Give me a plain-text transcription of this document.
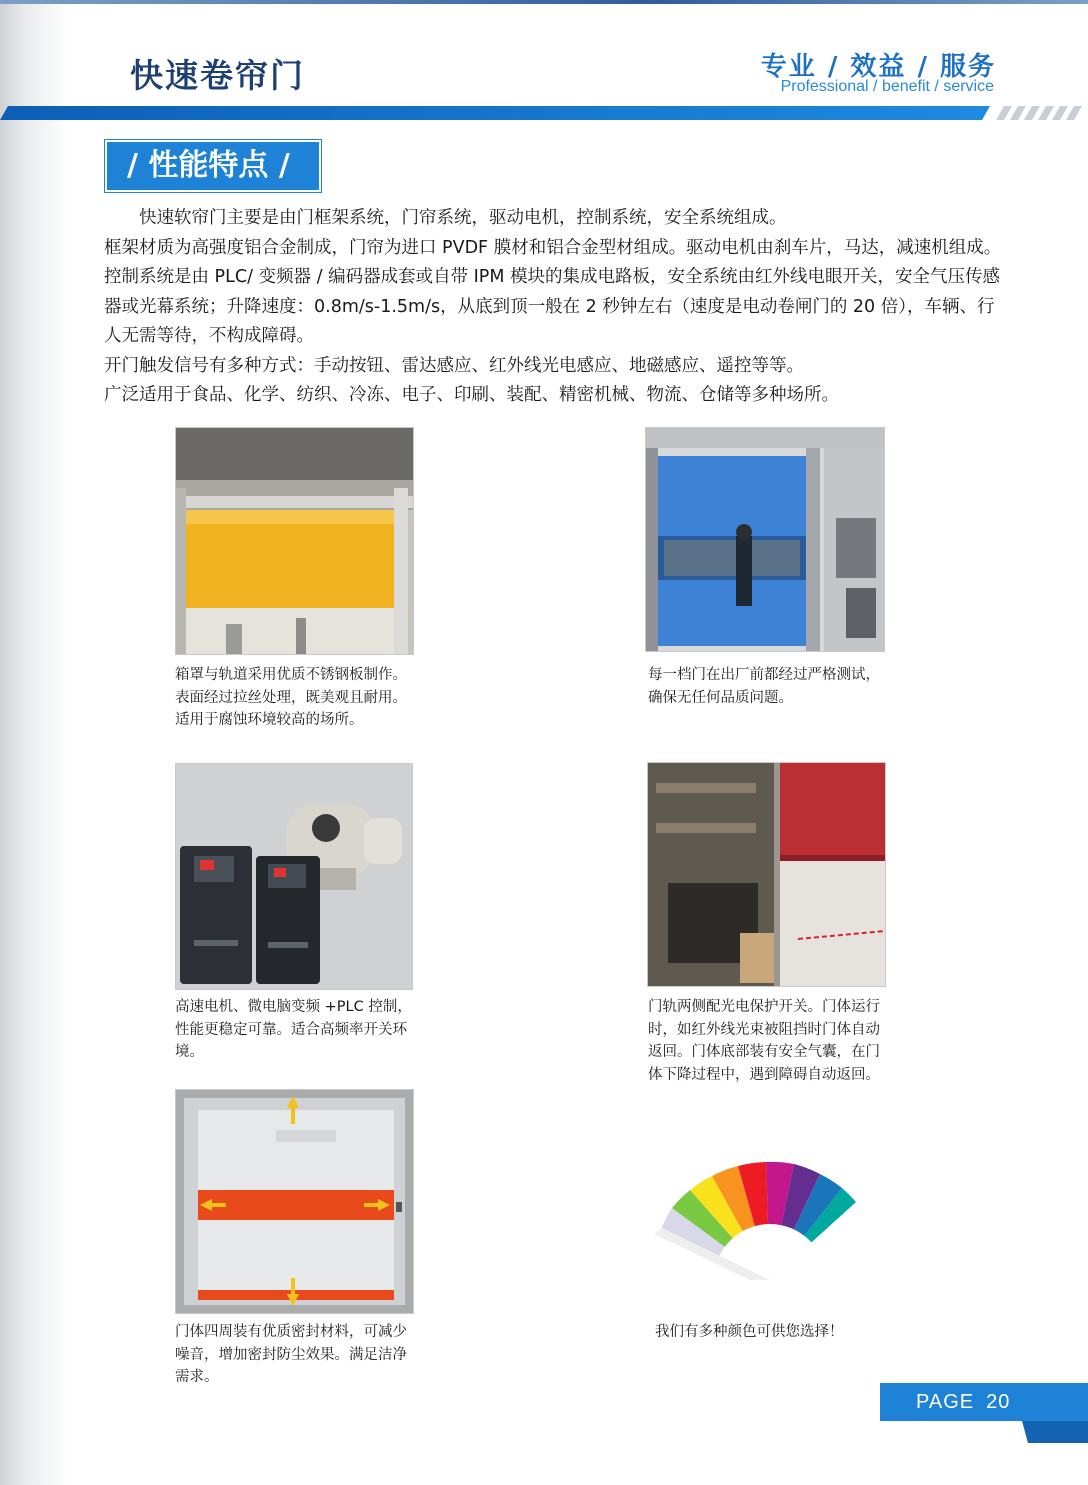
快速卷帘门	专业 / 效益 / 服务
Professional / benefit / service
/ 性能特点 /

快速软帘门主要是由门框架系统，门帘系统，驱动电机，控制系统，安全系统组成。

框架材质为高强度铝合金制成，门帘为进口 PVDF 膜材和铝合金型材组成。驱动电机由刹车片，马达，减速机组成。控制系统是由 PLC/ 变频器 / 编码器成套或自带 IPM 模块的集成电路板，安全系统由红外线电眼开关，安全气压传感器或光幕系统；升降速度：0.8m/s-1.5m/s，从底到顶一般在 2 秒钟左右（速度是电动卷闸门的 20 倍），车辆、行人无需等待，不构成障碍。

开门触发信号有多种方式：手动按钮、雷达感应、红外线光电感应、地磁感应、遥控等等。

广泛适用于食品、化学、纺织、冷冻、电子、印刷、装配、精密机械、物流、仓储等多种场所。

箱罩与轨道采用优质不锈钢板制作。表面经过拉丝处理，既美观且耐用。适用于腐蚀环境较高的场所。
每一档门在出厂前都经过严格测试，确保无任何品质问题。
高速电机、微电脑变频 +PLC 控制，性能更稳定可靠。适合高频率开关环境。
门轨两侧配光电保护开关。门体运行时，如红外线光束被阻挡时门体自动返回。门体底部装有安全气囊，在门体下降过程中，遇到障碍自动返回。
门体四周装有优质密封材料，可减少噪音，增加密封防尘效果。满足洁净需求。
我们有多种颜色可供您选择！
PAGE 20
